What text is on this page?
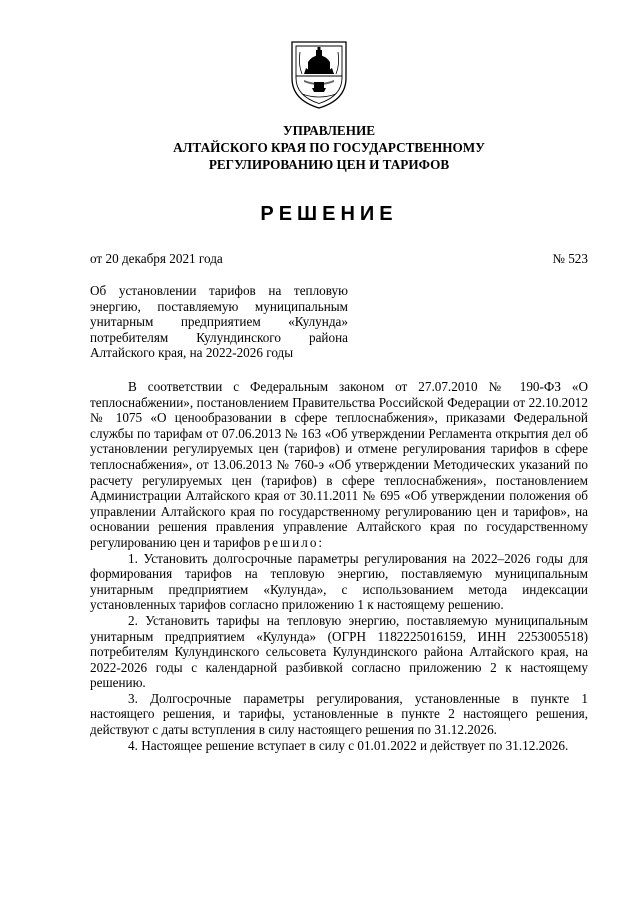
УПРАВЛЕНИЕ
АЛТАЙСКОГО КРАЯ ПО ГОСУДАРСТВЕННОМУ
РЕГУЛИРОВАНИЮ ЦЕН И ТАРИФОВ
РЕШЕНИЕ
от 20 декабря 2021 года	№ 523
Об установлении тарифов на тепловую энергию, поставляемую муниципальным унитарным предприятием «Кулунда» потребителям Кулундинского района Алтайского края, на 2022-2026 годы

В соответствии с Федеральным законом от 27.07.2010 № 190-ФЗ «О теплоснабжении», постановлением Правительства Российской Федерации от 22.10.2012 № 1075 «О ценообразовании в сфере теплоснабжения», приказами Федеральной службы по тарифам от 07.06.2013 № 163 «Об утверждении Регламента открытия дел об установлении регулируемых цен (тарифов) и отмене регулирования тарифов в сфере теплоснабжения», от 13.06.2013 № 760-э «Об утверждении Методических указаний по расчету регулируемых цен (тарифов) в сфере теплоснабжения», постановлением Администрации Алтайского края от 30.11.2011 № 695 «Об утверждении положения об управлении Алтайского края по государственному регулированию цен и тарифов», на основании решения правления управление Алтайского края по государственному регулированию цен и тарифов решило:

1. Установить долгосрочные параметры регулирования на 2022–2026 годы для формирования тарифов на тепловую энергию, поставляемую муниципальным унитарным предприятием «Кулунда», с использованием метода индексации установленных тарифов согласно приложению 1 к настоящему решению.

2. Установить тарифы на тепловую энергию, поставляемую муниципальным унитарным предприятием «Кулунда» (ОГРН 1182225016159, ИНН 2253005518) потребителям Кулундинского сельсовета Кулундинского района Алтайского края, на 2022-2026 годы с календарной разбивкой согласно приложению 2 к настоящему решению.

3. Долгосрочные параметры регулирования, установленные в пункте 1 настоящего решения, и тарифы, установленные в пункте 2 настоящего решения, действуют с даты вступления в силу настоящего решения по 31.12.2026.

4. Настоящее решение вступает в силу с 01.01.2022 и действует по 31.12.2026.
